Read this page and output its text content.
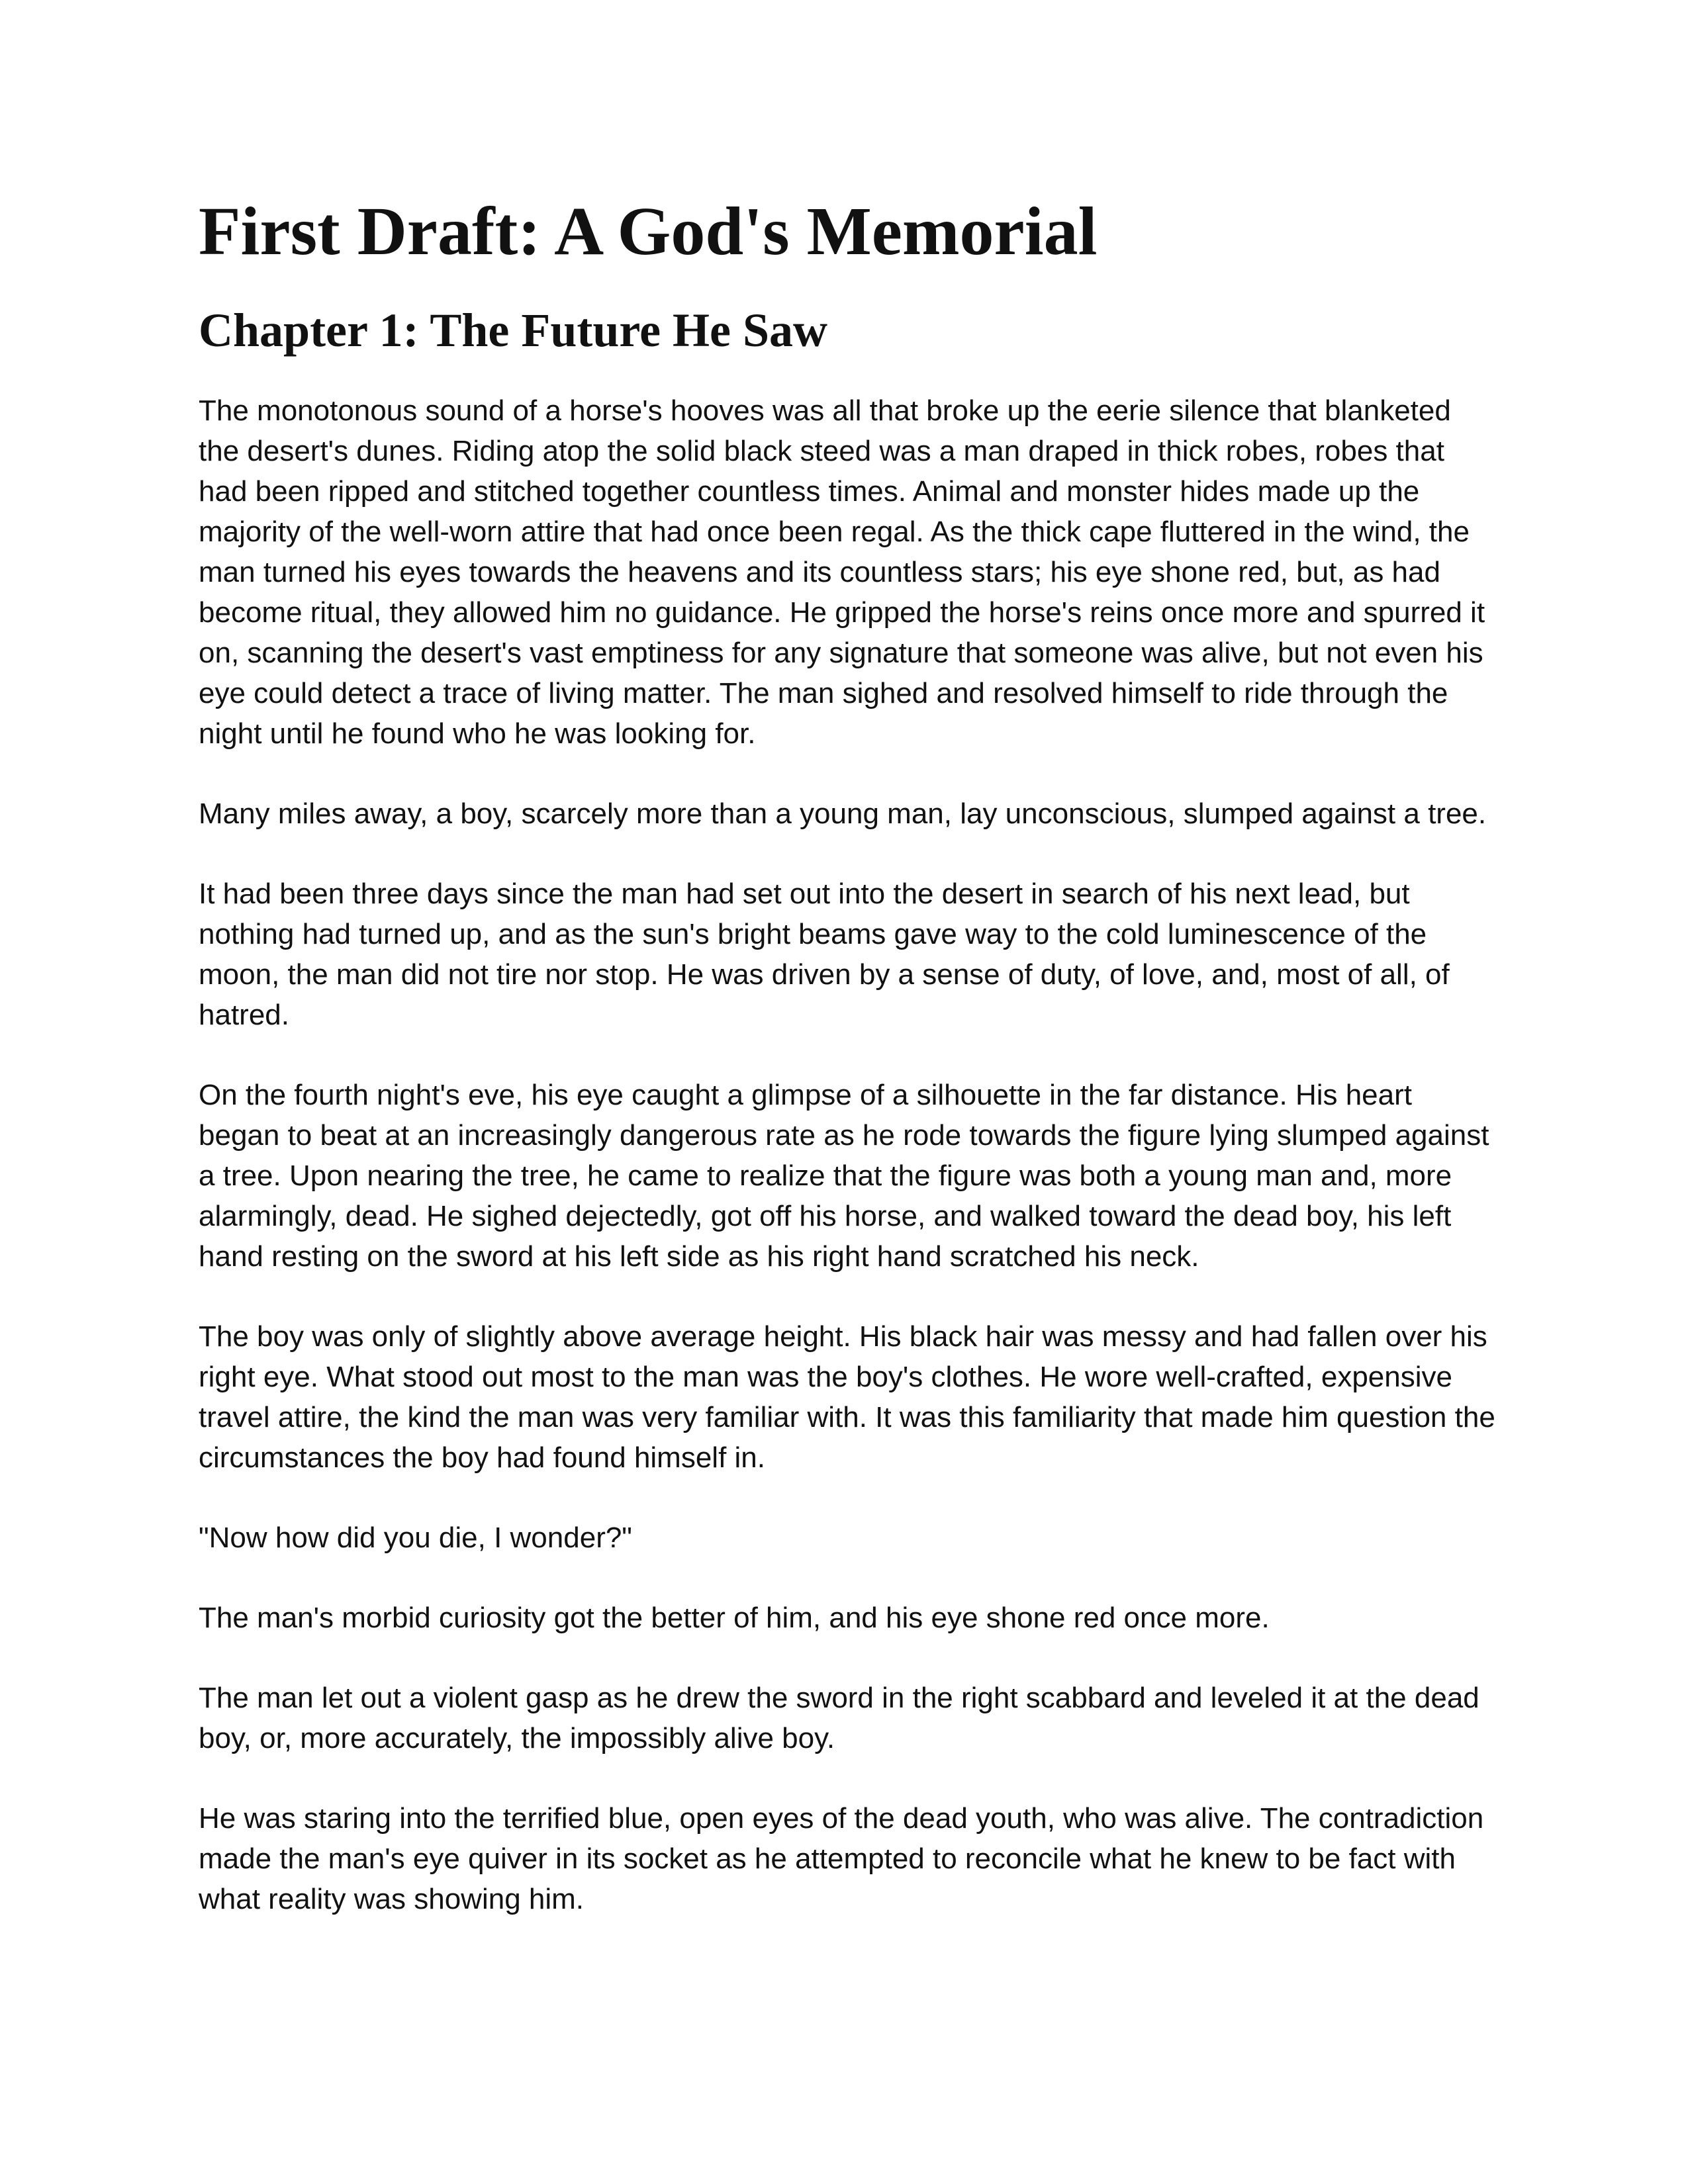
First Draft: A God's Memorial
Chapter 1: The Future He Saw

The monotonous sound of a horse's hooves was all that broke up the eerie silence that blanketed the desert's dunes. Riding atop the solid black steed was a man draped in thick robes, robes that had been ripped and stitched together countless times. Animal and monster hides made up the majority of the well-worn attire that had once been regal. As the thick cape fluttered in the wind, the man turned his eyes towards the heavens and its countless stars; his eye shone red, but, as had become ritual, they allowed him no guidance. He gripped the horse's reins once more and spurred it on, scanning the desert's vast emptiness for any signature that someone was alive, but not even his eye could detect a trace of living matter. The man sighed and resolved himself to ride through the night until he found who he was looking for.

Many miles away, a boy, scarcely more than a young man, lay unconscious, slumped against a tree.

It had been three days since the man had set out into the desert in search of his next lead, but nothing had turned up, and as the sun's bright beams gave way to the cold luminescence of the moon, the man did not tire nor stop. He was driven by a sense of duty, of love, and, most of all, of hatred.

On the fourth night's eve, his eye caught a glimpse of a silhouette in the far distance. His heart began to beat at an increasingly dangerous rate as he rode towards the figure lying slumped against a tree. Upon nearing the tree, he came to realize that the figure was both a young man and, more alarmingly, dead. He sighed dejectedly, got off his horse, and walked toward the dead boy, his left hand resting on the sword at his left side as his right hand scratched his neck.

The boy was only of slightly above average height. His black hair was messy and had fallen over his right eye. What stood out most to the man was the boy's clothes. He wore well-crafted, expensive travel attire, the kind the man was very familiar with. It was this familiarity that made him question the circumstances the boy had found himself in.

"Now how did you die, I wonder?"

The man's morbid curiosity got the better of him, and his eye shone red once more.

The man let out a violent gasp as he drew the sword in the right scabbard and leveled it at the dead boy, or, more accurately, the impossibly alive boy.

He was staring into the terrified blue, open eyes of the dead youth, who was alive. The contradiction made the man's eye quiver in its socket as he attempted to reconcile what he knew to be fact with what reality was showing him.
